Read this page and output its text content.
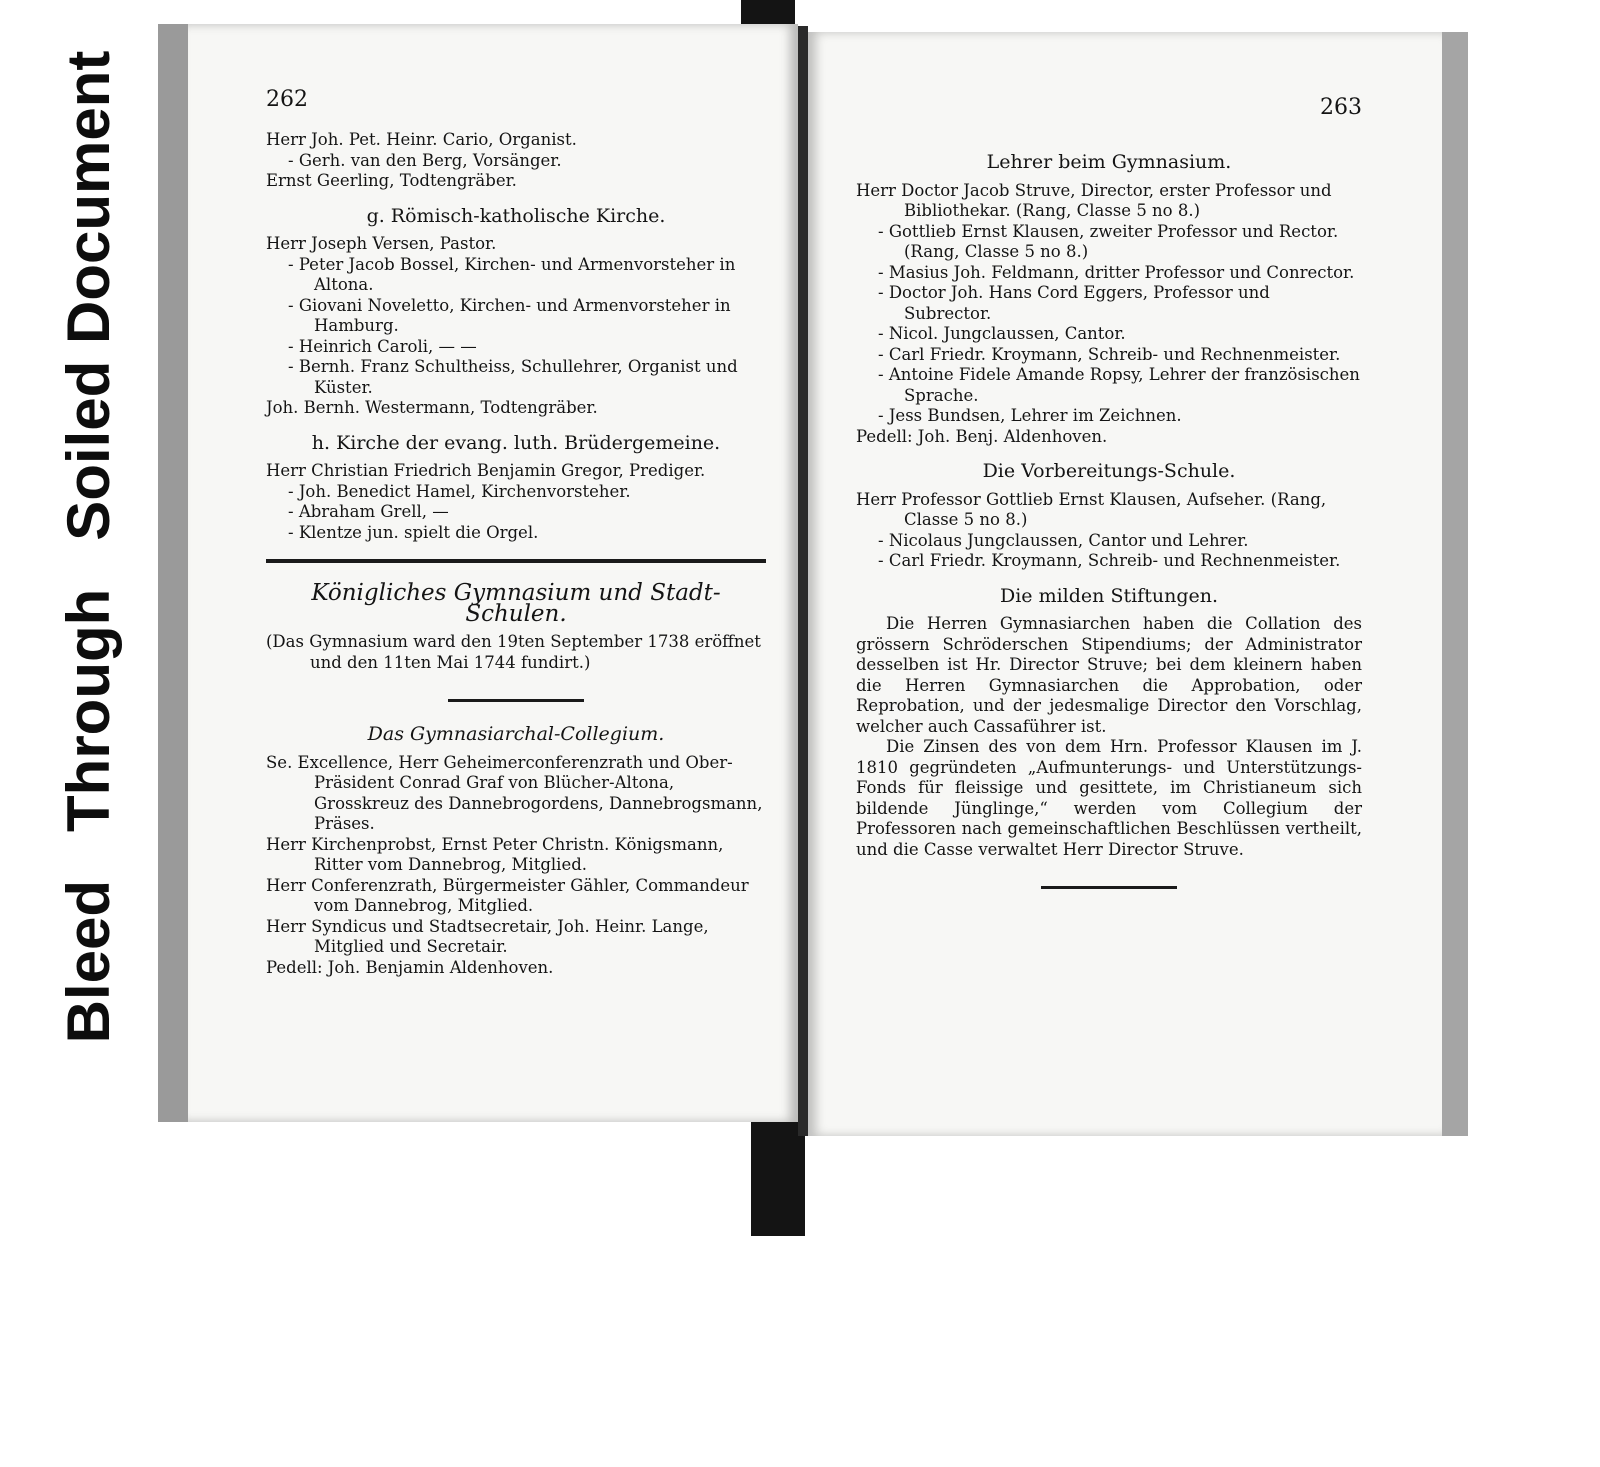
Bleed
Through
Soiled Document	262
Herr Joh. Pet. Heinr. Cario, Organist.
- Gerh. van den Berg, Vorsänger.
Ernst Geerling, Todtengräber.
g. Römisch-katholische Kirche.
Herr Joseph Versen, Pastor.
- Peter Jacob Bossel, Kirchen- und Armenvorsteher in Altona.
- Giovani Noveletto, Kirchen- und Armenvorsteher in Hamburg.
- Heinrich Caroli, — —
- Bernh. Franz Schultheiss, Schullehrer, Organist und Küster.
Joh. Bernh. Westermann, Todtengräber.
h. Kirche der evang. luth. Brüdergemeine.
Herr Christian Friedrich Benjamin Gregor, Prediger.
- Joh. Benedict Hamel, Kirchenvorsteher.
- Abraham Grell, —
- Klentze jun. spielt die Orgel.
Königliches Gymnasium und Stadt-Schulen.
(Das Gymnasium ward den 19ten September 1738 eröffnet und den 11ten Mai 1744 fundirt.)
Das Gymnasiarchal-Collegium.
Se. Excellence, Herr Geheimerconferenzrath und Ober-Präsident Conrad Graf von Blücher-Altona, Grosskreuz des Dannebrogordens, Dannebrogsmann, Präses.
Herr Kirchenprobst, Ernst Peter Christn. Königsmann, Ritter vom Dannebrog, Mitglied.
Herr Conferenzrath, Bürgermeister Gähler, Commandeur vom Dannebrog, Mitglied.
Herr Syndicus und Stadtsecretair, Joh. Heinr. Lange, Mitglied und Secretair.
Pedell: Joh. Benjamin Aldenhoven.
263
Lehrer beim Gymnasium.
Herr Doctor Jacob Struve, Director, erster Professor und Bibliothekar. (Rang, Classe 5 no 8.)
- Gottlieb Ernst Klausen, zweiter Professor und Rector. (Rang, Classe 5 no 8.)
- Masius Joh. Feldmann, dritter Professor und Conrector.
- Doctor Joh. Hans Cord Eggers, Professor und Subrector.
- Nicol. Jungclaussen, Cantor.
- Carl Friedr. Kroymann, Schreib- und Rechnenmeister.
- Antoine Fidele Amande Ropsy, Lehrer der französischen Sprache.
- Jess Bundsen, Lehrer im Zeichnen.
Pedell: Joh. Benj. Aldenhoven.
Die Vorbereitungs-Schule.
Herr Professor Gottlieb Ernst Klausen, Aufseher. (Rang, Classe 5 no 8.)
- Nicolaus Jungclaussen, Cantor und Lehrer.
- Carl Friedr. Kroymann, Schreib- und Rechnenmeister.
Die milden Stiftungen.
Die Herren Gymnasiarchen haben die Collation des grössern Schröderschen Stipendiums; der Administrator desselben ist Hr. Director Struve; bei dem kleinern haben die Herren Gymnasiarchen die Approbation, oder Reprobation, und der jedesmalige Director den Vorschlag, welcher auch Cassaführer ist.
Die Zinsen des von dem Hrn. Professor Klausen im J. 1810 gegründeten „Aufmunterungs- und Unterstützungs-Fonds für fleissige und gesittete, im Christianeum sich bildende Jünglinge,“ werden vom Collegium der Professoren nach gemeinschaftlichen Beschlüssen vertheilt, und die Casse verwaltet Herr Director Struve.
